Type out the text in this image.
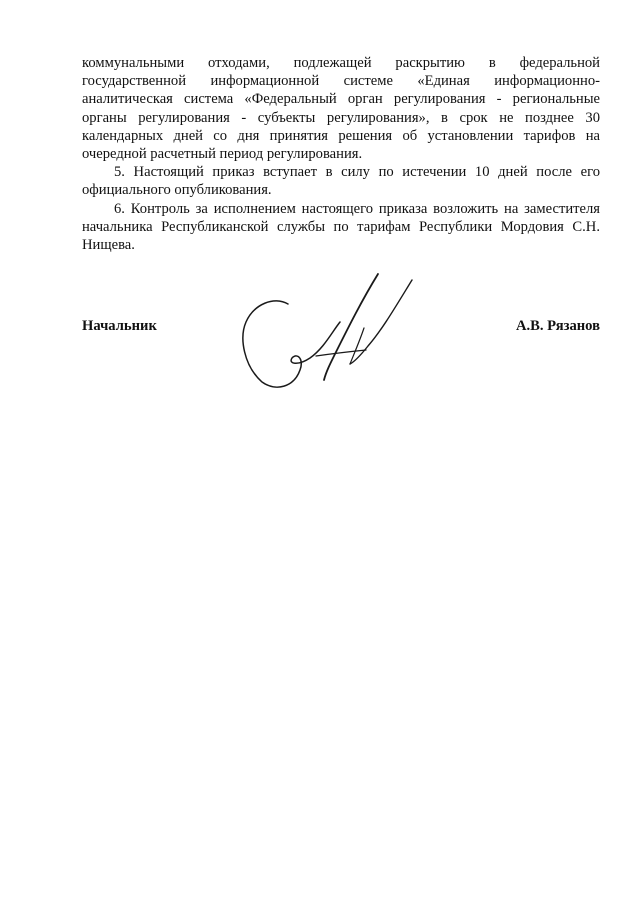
коммунальными отходами, подлежащей раскрытию в федеральной государственной информационной системе «Единая информационно-аналитическая система «Федеральный орган регулирования - региональные органы регулирования - субъекты регулирования», в срок не позднее 30 календарных дней со дня принятия решения об установлении тарифов на очередной расчетный период регулирования.

5. Настоящий приказ вступает в силу по истечении 10 дней после его официального опубликования.

6. Контроль за исполнением настоящего приказа возложить на заместителя начальника Республиканской службы по тарифам Республики Мордовия С.Н. Нищева.

Начальник	А.В. Рязанов
